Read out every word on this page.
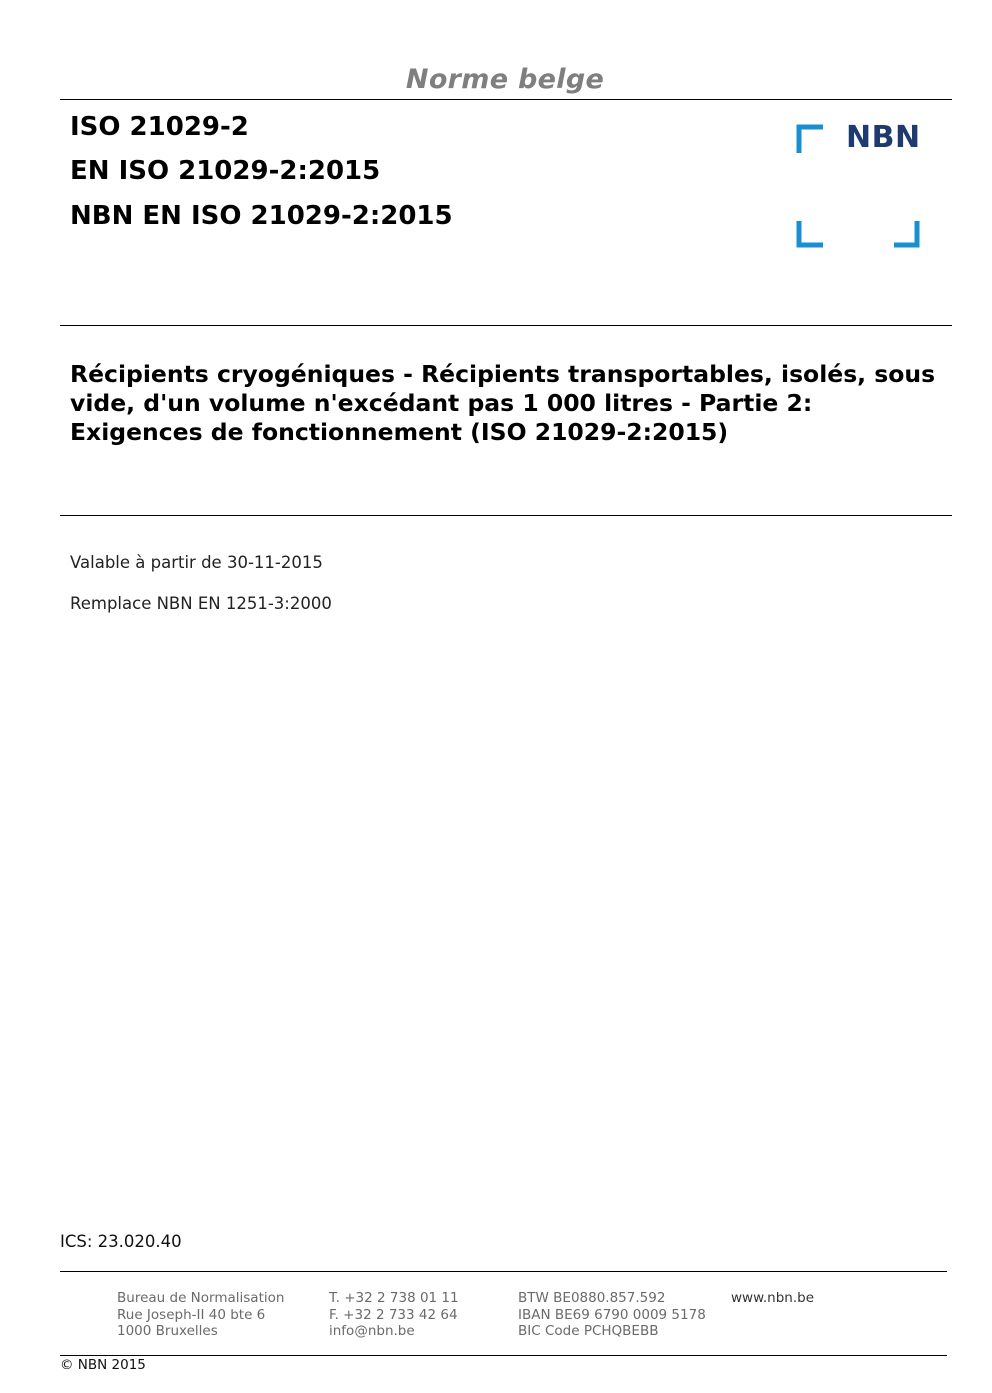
Norme belge
ISO 21029-2
EN ISO 21029-2:2015
NBN EN ISO 21029-2:2015
NBN
Récipients cryogéniques - Récipients transportables, isolés, sous
vide, d'un volume n'excédant pas 1 000 litres - Partie 2:
Exigences de fonctionnement (ISO 21029-2:2015)
Valable à partir de 30-11-2015
Remplace NBN EN 1251-3:2000
ICS: 23.020.40
Bureau de Normalisation
Rue Joseph-II 40 bte 6
1000 Bruxelles
T. +32 2 738 01 11
F. +32 2 733 42 64
info@nbn.be
BTW BE0880.857.592
IBAN BE69 6790 0009 5178
BIC Code PCHQBEBB
www.nbn.be
© NBN 2015
